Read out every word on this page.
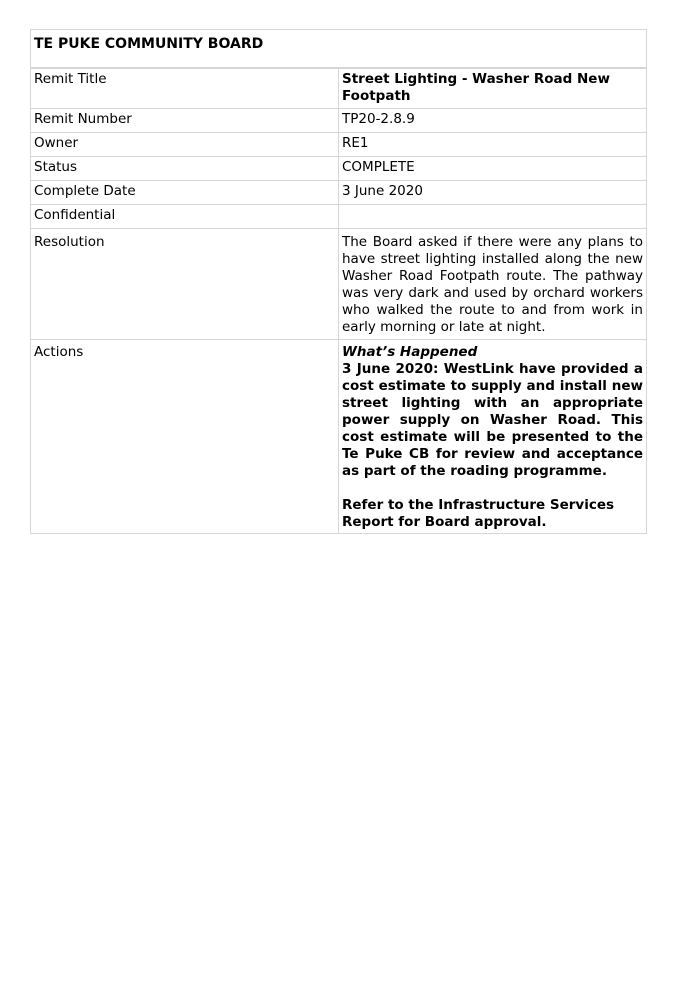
TE PUKE COMMUNITY BOARD	
Remit Title	Street Lighting - Washer Road New Footpath
Remit Number	TP20-2.8.9
Owner	RE1
Status	COMPLETE
Complete Date	3 June 2020
Confidential	
Resolution	The Board asked if there were any plans to have street lighting installed along the new Washer Road Footpath route. The pathway was very dark and used by orchard workers who walked the route to and from work in early morning or late at night.
Actions	What’s Happened
3 June 2020: WestLink have provided a cost estimate to supply and install new street lighting with an appropriate power supply on Washer Road. This cost estimate will be presented to the Te Puke CB for review and acceptance as part of the roading programme.
Refer to the Infrastructure Services Report for Board approval.
